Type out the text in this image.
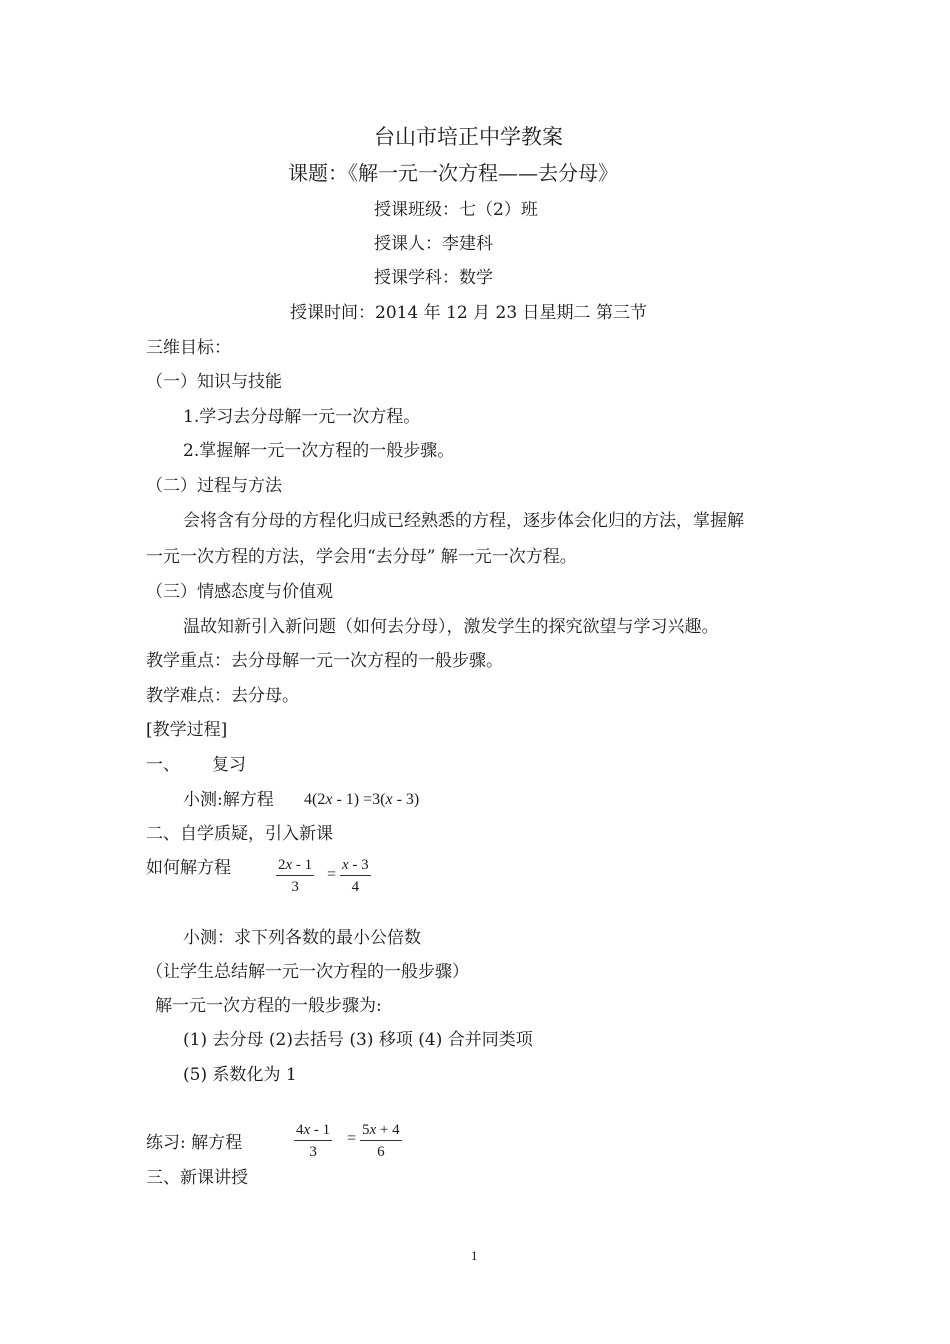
台山市培正中学教案
课题：《解一元一次方程——去分母》
授课班级：七（2）班
授课人：李建科
授课学科：数学
授课时间：2014 年 12 月 23 日星期二 第三节
三维目标：
（一）知识与技能
1.学习去分母解一元一次方程。
2.掌握解一元一次方程的一般步骤。
（二）过程与方法
会将含有分母的方程化归成已经熟悉的方程，逐步体会化归的方法，掌握解
一元一次方程的方法，学会用“去分母” 解一元一次方程。
（三）情感态度与价值观
温故知新引入新问题（如何去分母），激发学生的探究欲望与学习兴趣。
教学重点：去分母解一元一次方程的一般步骤。
教学难点：去分母。
[教学过程]
一、 复习
小测:解方程 4(2x - 1) =3(x - 3)
二、自学质疑，引入新课
如何解方程	$\frac{2x - 1}{3} = \frac{x - 3}{4}$
小测：求下列各数的最小公倍数
（让学生总结解一元一次方程的一般步骤）
解一元一次方程的一般步骤为:
(1) 去分母 (2)去括号 (3) 移项 (4) 合并同类项
(5) 系数化为 1
练习: 解方程	$\frac{4x - 1}{3} = \frac{5x + 4}{6}$
三、新课讲授
1
